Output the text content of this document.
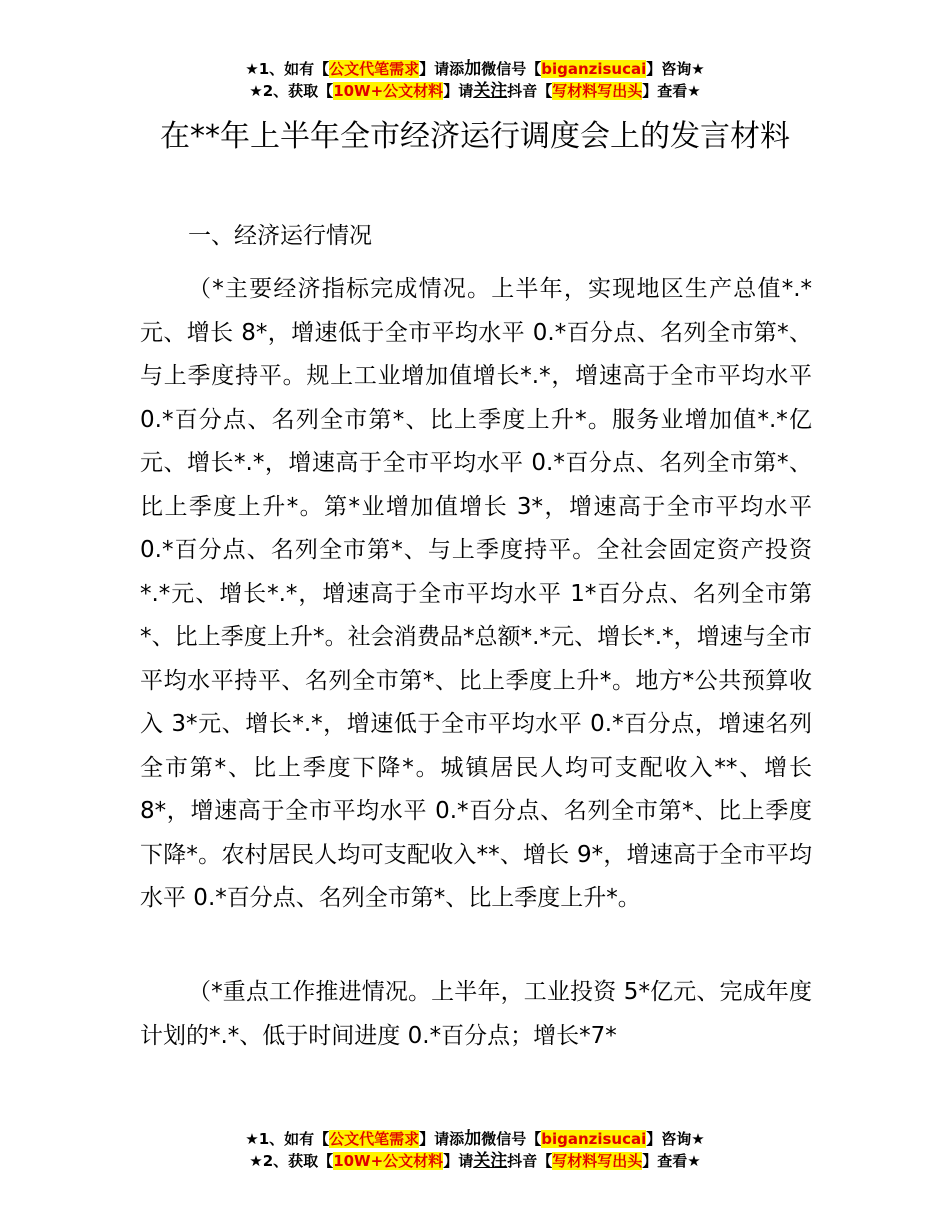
★1、如有【公文代笔需求】请添加微信号【biganzisucai】咨询★
★2、获取【10W+公文材料】请关注抖音【写材料写出头】查看★
在**年上半年全市经济运行调度会上的发言材料
一、经济运行情况

（*主要经济指标完成情况。上半年，实现地区生产总值*.*元、增长 8*，增速低于全市平均水平 0.*百分点、名列全市第*、与上季度持平。规上工业增加值增长*.*，增速高于全市平均水平 0.*百分点、名列全市第*、比上季度上升*。服务业增加值*.*亿元、增长*.*，增速高于全市平均水平 0.*百分点、名列全市第*、比上季度上升*。第*业增加值增长 3*，增速高于全市平均水平 0.*百分点、名列全市第*、与上季度持平。全社会固定资产投资*.*元、增长*.*，增速高于全市平均水平 1*百分点、名列全市第*、比上季度上升*。社会消费品*总额*.*元、增长*.*，增速与全市平均水平持平、名列全市第*、比上季度上升*。地方*公共预算收入 3*元、增长*.*，增速低于全市平均水平 0.*百分点，增速名列全市第*、比上季度下降*。城镇居民人均可支配收入**、增长 8*，增速高于全市平均水平 0.*百分点、名列全市第*、比上季度下降*。农村居民人均可支配收入**、增长 9*，增速高于全市平均水平 0.*百分点、名列全市第*、比上季度上升*。

（*重点工作推进情况。上半年，工业投资 5*亿元、完成年度计划的*.*、低于时间进度 0.*百分点；增长*7*

★1、如有【公文代笔需求】请添加微信号【biganzisucai】咨询★
★2、获取【10W+公文材料】请关注抖音【写材料写出头】查看★
